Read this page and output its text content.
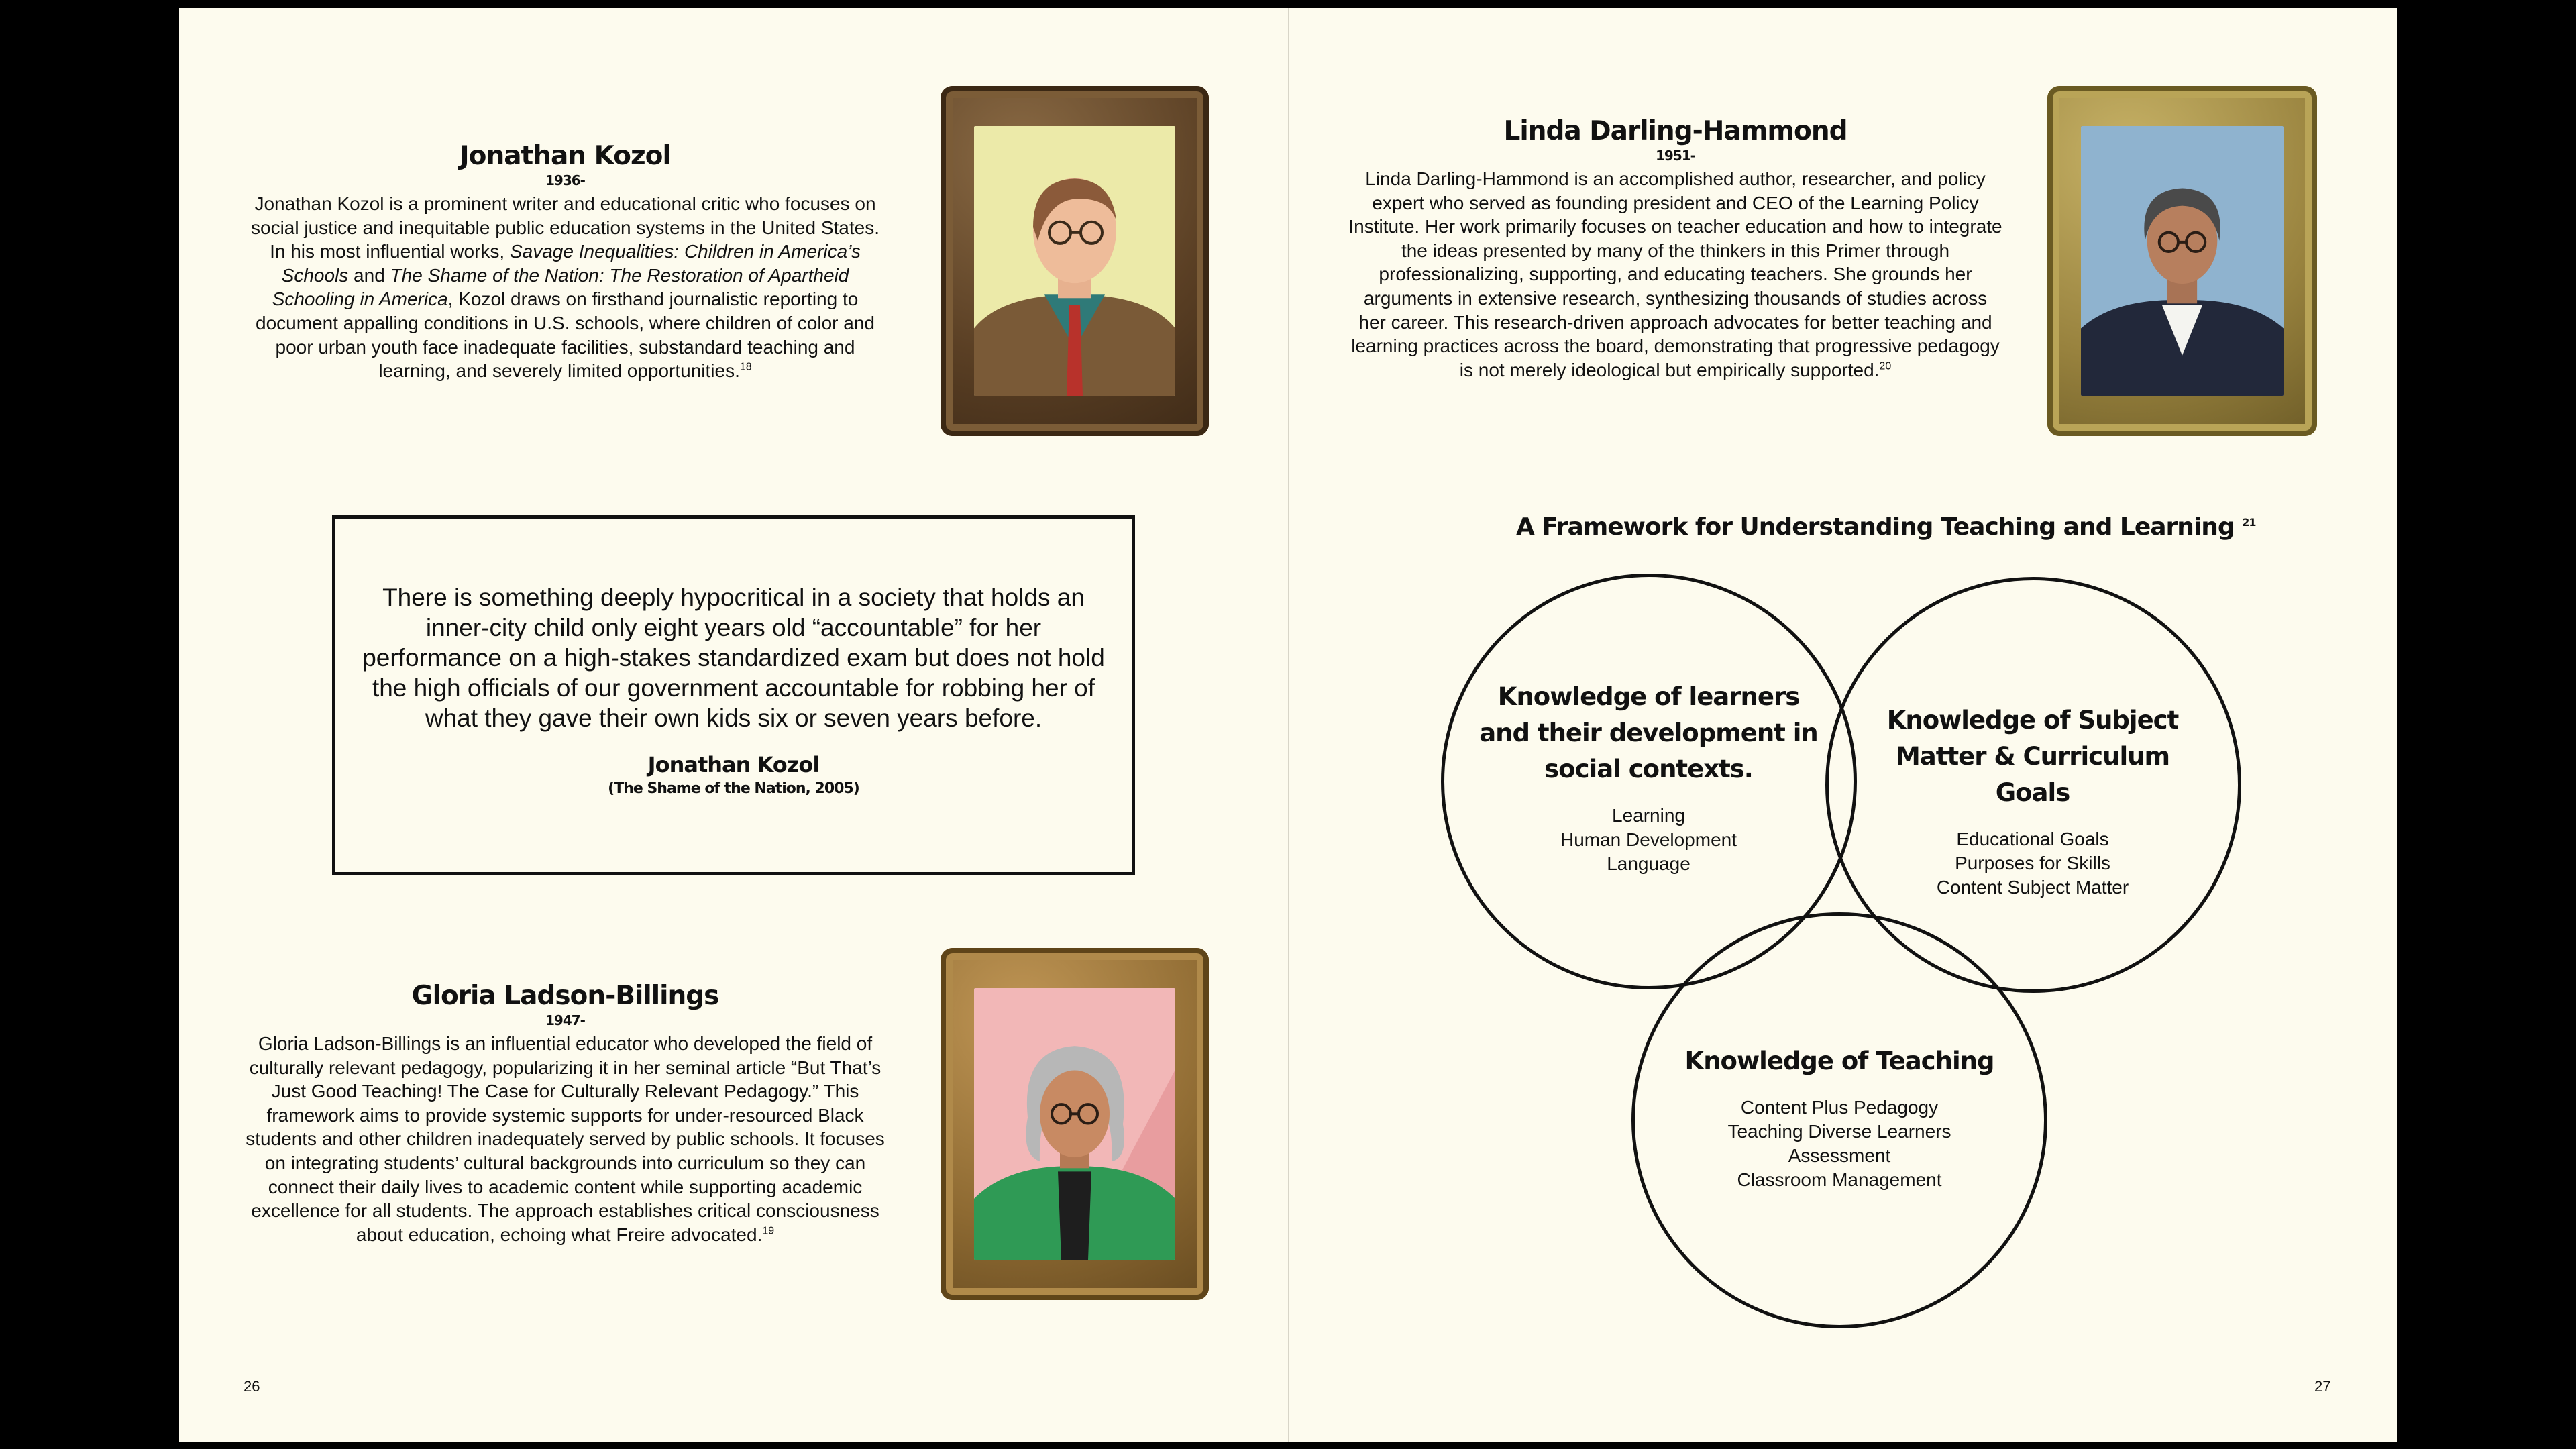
Jonathan Kozol
1936-

Jonathan Kozol is a prominent writer and educational critic who focuses on social justice and inequitable public education systems in the United States. In his most influential works, Savage Inequalities: Children in America’s Schools and The Shame of the Nation: The Restoration of Apartheid Schooling in America, Kozol draws on firsthand journalistic reporting to document appalling conditions in U.S. schools, where children of color and poor urban youth face inadequate facilities, substandard teaching and learning, and severely limited opportunities.$^{18}$

There is something deeply hypocritical in a society that holds an inner-city child only eight years old “accountable” for her performance on a high-stakes standardized exam but does not hold the high officials of our government accountable for robbing her of what they gave their own kids six or seven years before.
Jonathan Kozol
(The Shame of the Nation, 2005)
Gloria Ladson-Billings
1947-

Gloria Ladson-Billings is an influential educator who developed the field of culturally relevant pedagogy, popularizing it in her seminal article “But That’s Just Good Teaching! The Case for Culturally Relevant Pedagogy.” This framework aims to provide systemic supports for under-resourced Black students and other children inadequately served by public schools. It focuses on integrating students’ cultural backgrounds into curriculum so they can connect their daily lives to academic content while supporting academic excellence for all students. The approach establishes critical consciousness about education, echoing what Freire advocated.$^{19}$

26
Linda Darling-Hammond
1951-

Linda Darling-Hammond is an accomplished author, researcher, and policy expert who served as founding president and CEO of the Learning Policy Institute. Her work primarily focuses on teacher education and how to integrate the ideas presented by many of the thinkers in this Primer through professionalizing, supporting, and educating teachers. She grounds her arguments in extensive research, synthesizing thousands of studies across her career. This research-driven approach advocates for better teaching and learning practices across the board, demonstrating that progressive pedagogy is not merely ideological but empirically supported.$^{20}$

A Framework for Understanding Teaching and Learning $^{21}$
Knowledge of learners and their development in social contexts.
Learning
Human Development
Language
Knowledge of Subject Matter & Curriculum Goals
Educational Goals
Purposes for Skills
Content Subject Matter
Knowledge of Teaching
Content Plus Pedagogy
Teaching Diverse Learners
Assessment
Classroom Management
27
